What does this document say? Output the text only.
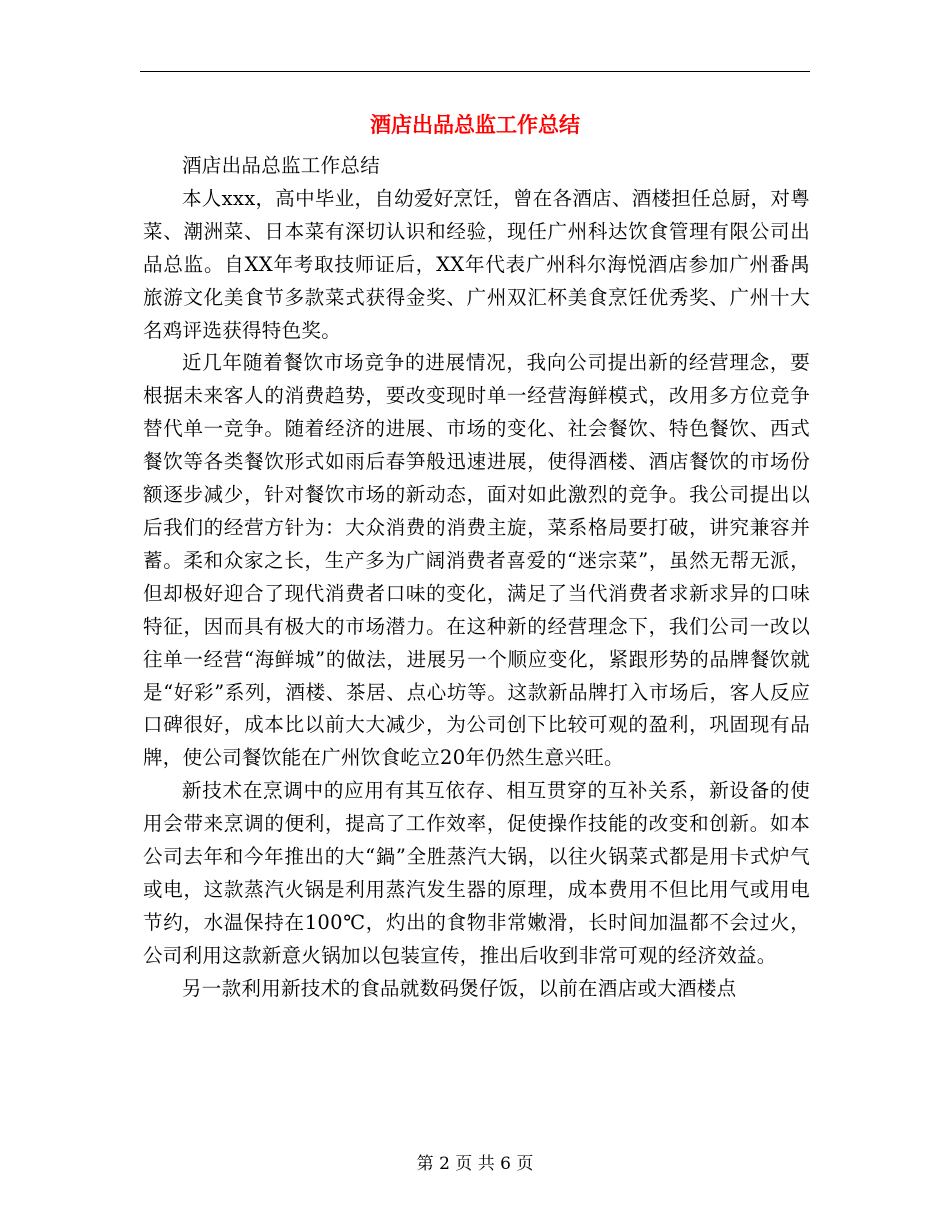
酒店出品总监工作总结

酒店出品总监工作总结

本人xxx，高中毕业，自幼爱好烹饪，曾在各酒店、酒楼担任总厨，对粤菜、潮洲菜、日本菜有深切认识和经验，现任广州科达饮食管理有限公司出品总监。自XX年考取技师证后，XX年代表广州科尔海悦酒店参加广州番禺旅游文化美食节多款菜式获得金奖、广州双汇杯美食烹饪优秀奖、广州十大名鸡评选获得特色奖。

近几年随着餐饮市场竞争的进展情况，我向公司提出新的经营理念，要根据未来客人的消费趋势，要改变现时单一经营海鲜模式，改用多方位竞争替代单一竞争。随着经济的进展、市场的变化、社会餐饮、特色餐饮、西式餐饮等各类餐饮形式如雨后春笋般迅速进展，使得酒楼、酒店餐饮的市场份额逐步减少，针对餐饮市场的新动态，面对如此激烈的竞争。我公司提出以后我们的经营方针为：大众消费的消费主旋，菜系格局要打破，讲究兼容并蓄。柔和众家之长，生产多为广阔消费者喜爱的“迷宗菜”，虽然无帮无派，但却极好迎合了现代消费者口味的变化，满足了当代消费者求新求异的口味特征，因而具有极大的市场潜力。在这种新的经营理念下，我们公司一改以往单一经营“海鲜城”的做法，进展另一个顺应变化，紧跟形势的品牌餐饮就是“好彩”系列，酒楼、茶居、点心坊等。这款新品牌打入市场后，客人反应口碑很好，成本比以前大大减少，为公司创下比较可观的盈利，巩固现有品牌，使公司餐饮能在广州饮食屹立20年仍然生意兴旺。

新技术在烹调中的应用有其互依存、相互贯穿的互补关系，新设备的使用会带来烹调的便利，提高了工作效率，促使操作技能的改变和创新。如本公司去年和今年推出的大“鍋”全胜蒸汽大锅，以往火锅菜式都是用卡式炉气或电，这款蒸汽火锅是利用蒸汽发生器的原理，成本费用不但比用气或用电节约，水温保持在100℃，灼出的食物非常嫩滑，长时间加温都不会过火，公司利用这款新意火锅加以包装宣传，推出后收到非常可观的经济效益。

另一款利用新技术的食品就数码煲仔饭，以前在酒店或大酒楼点

第 2 页 共 6 页
